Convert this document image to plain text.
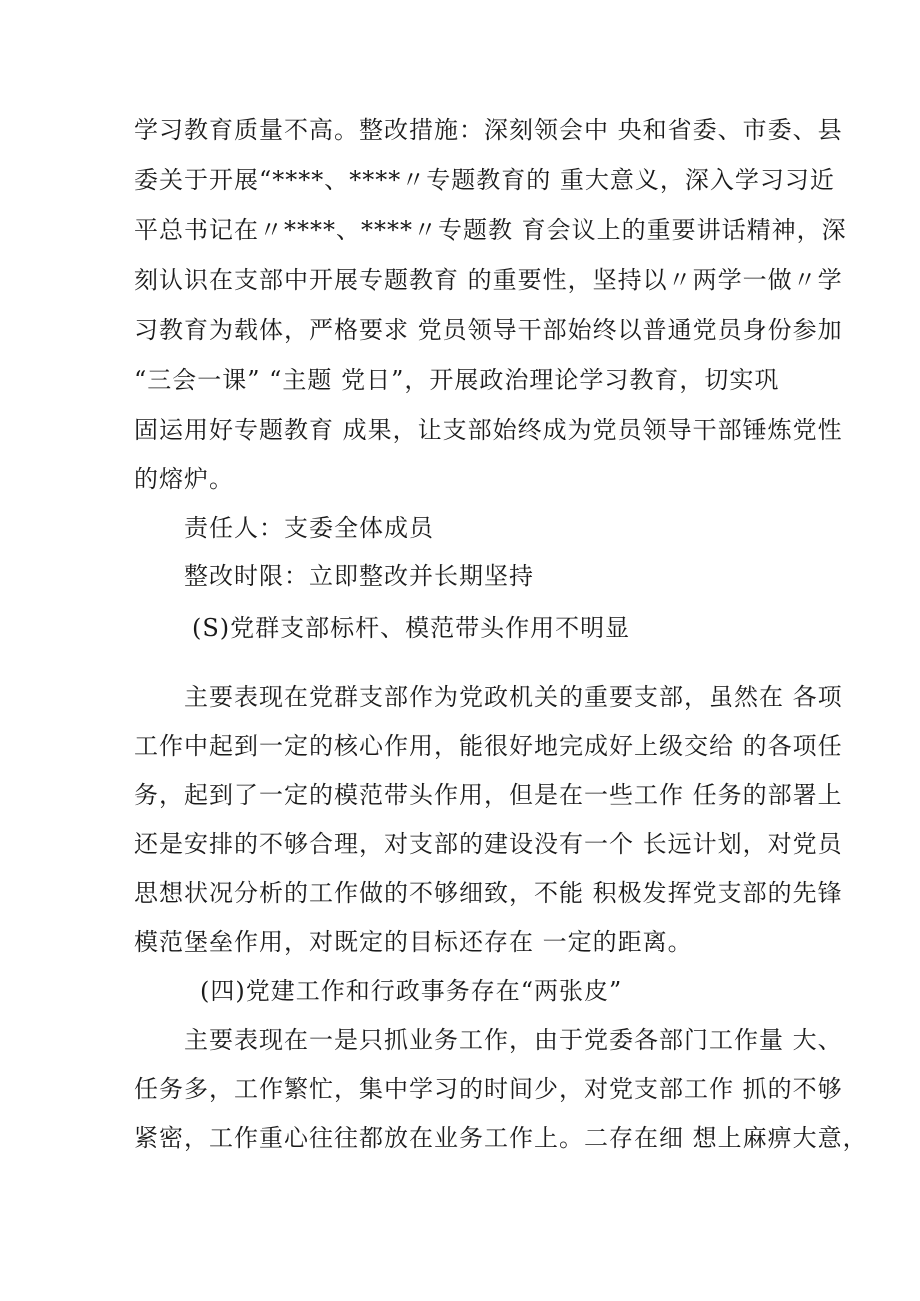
学习教育质量不高。整改措施：深刻领会中 央和省委、市委、县
委关于开展“****、****〃专题教育的 重大意义，深入学习习近
平总书记在〃****、****〃专题教 育会议上的重要讲话精神，深
刻认识在支部中开展专题教育 的重要性，坚持以〃两学一做〃学
习教育为载体，严格要求 党员领导干部始终以普通党员身份参加
“三会一课” “主题 党日”，开展政治理论学习教育，切实巩
固运用好专题教育 成果，让支部始终成为党员领导干部锤炼党性
的熔炉。
责任人：支委全体成员
整改时限：立即整改并长期坚持
(S)党群支部标杆、模范带头作用不明显
主要表现在党群支部作为党政机关的重要支部，虽然在 各项
工作中起到一定的核心作用，能很好地完成好上级交给 的各项任
务，起到了一定的模范带头作用，但是在一些工作 任务的部署上
还是安排的不够合理，对支部的建设没有一个 长远计划，对党员
思想状况分析的工作做的不够细致，不能 积极发挥党支部的先锋
模范堡垒作用，对既定的目标还存在 一定的距离。
(四)党建工作和行政事务存在“两张皮”
主要表现在一是只抓业务工作，由于党委各部门工作量 大、
任务多，工作繁忙，集中学习的时间少，对党支部工作 抓的不够
紧密，工作重心往往都放在业务工作上。二存在细 想上麻痹大意，
